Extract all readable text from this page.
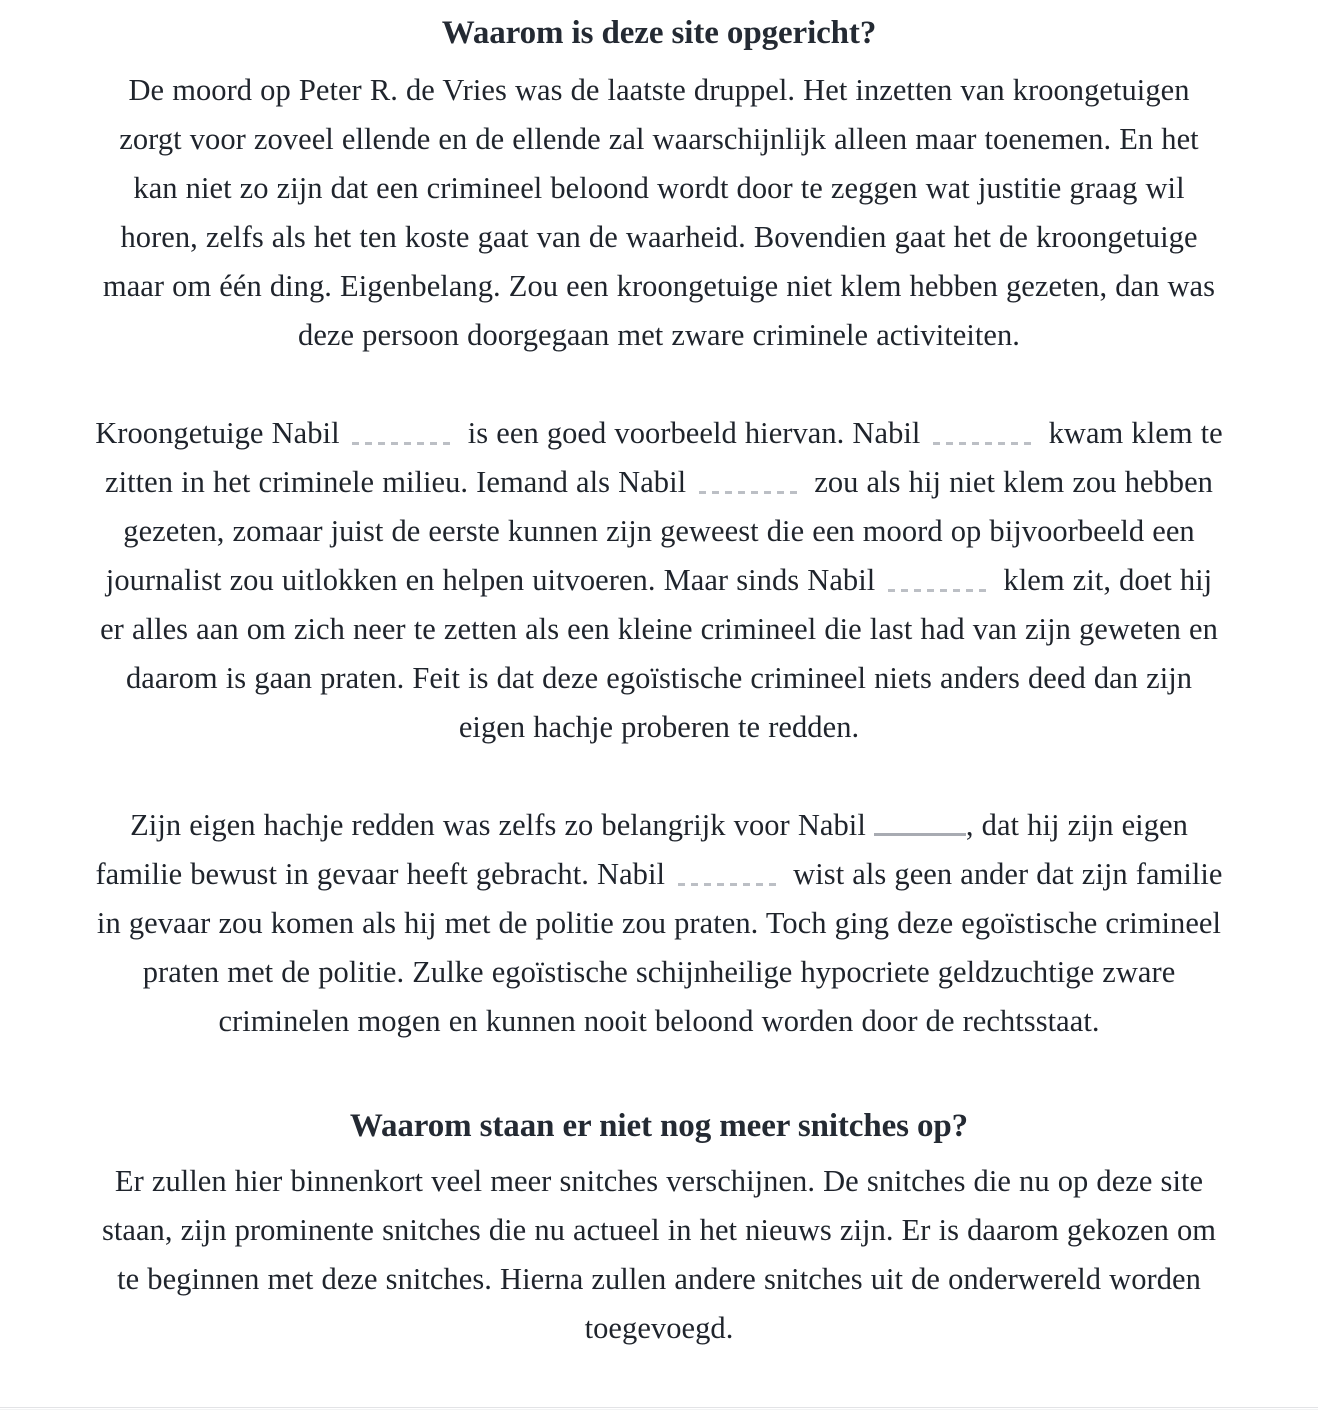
Waarom is deze site opgericht?

De moord op Peter R. de Vries was de laatste druppel. Het inzetten van kroongetuigen zorgt voor zoveel ellende en de ellende zal waarschijnlijk alleen maar toenemen. En het kan niet zo zijn dat een crimineel beloond wordt door te zeggen wat justitie graag wil horen, zelfs als het ten koste gaat van de waarheid. Bovendien gaat het de kroongetuige maar om één ding. Eigenbelang. Zou een kroongetuige niet klem hebben gezeten, dan was deze persoon doorgegaan met zware criminele activiteiten.

Kroongetuige Nabil	is een goed voorbeeld hiervan. Nabil	kwam klem te zitten in het criminele milieu. Iemand als Nabil	zou als hij niet klem zou hebben gezeten, zomaar juist de eerste kunnen zijn geweest die een moord op bijvoorbeeld een journalist zou uitlokken en helpen uitvoeren. Maar sinds Nabil	klem zit, doet hij er alles aan om zich neer te zetten als een kleine crimineel die last had van zijn geweten en daarom is gaan praten. Feit is dat deze egoïstische crimineel niets anders deed dan zijn eigen hachje proberen te redden.

Zijn eigen hachje redden was zelfs zo belangrijk voor Nabil	, dat hij zijn eigen familie bewust in gevaar heeft gebracht. Nabil	wist als geen ander dat zijn familie in gevaar zou komen als hij met de politie zou praten. Toch ging deze egoïstische crimineel praten met de politie. Zulke egoïstische schijnheilige hypocriete geldzuchtige zware criminelen mogen en kunnen nooit beloond worden door de rechtsstaat.

Waarom staan er niet nog meer snitches op?

Er zullen hier binnenkort veel meer snitches verschijnen. De snitches die nu op deze site staan, zijn prominente snitches die nu actueel in het nieuws zijn. Er is daarom gekozen om te beginnen met deze snitches. Hierna zullen andere snitches uit de onderwereld worden toegevoegd.
